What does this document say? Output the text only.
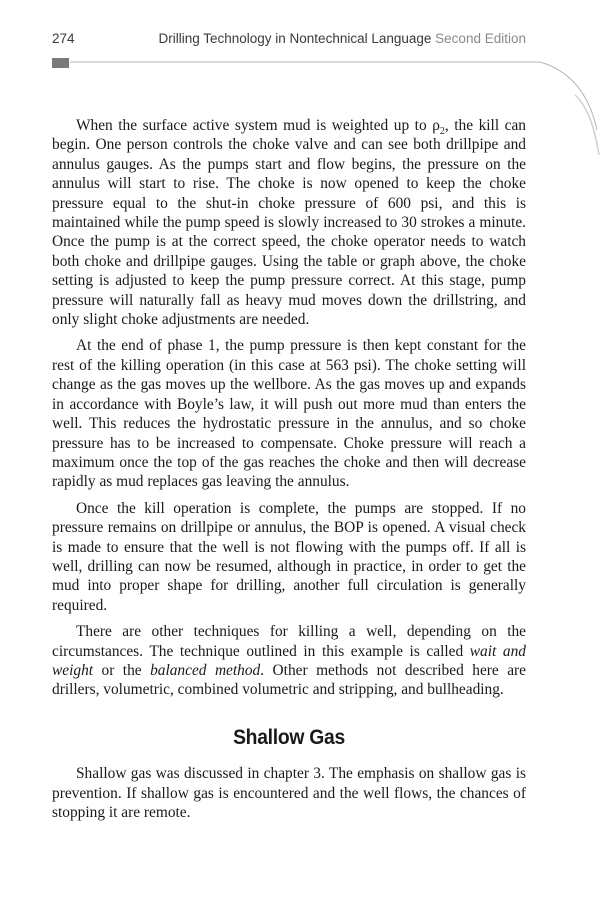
274	Drilling Technology in Nontechnical Language Second Edition

When the surface active system mud is weighted up to $\rho_2$, the kill can begin. One person controls the choke valve and can see both drillpipe and annulus gauges. As the pumps start and flow begins, the pressure on the annulus will start to rise. The choke is now opened to keep the choke pressure equal to the shut-in choke pressure of 600 psi, and this is maintained while the pump speed is slowly increased to 30 strokes a minute. Once the pump is at the correct speed, the choke operator needs to watch both choke and drillpipe gauges. Using the table or graph above, the choke setting is adjusted to keep the pump pressure correct. At this stage, pump pressure will naturally fall as heavy mud moves down the drillstring, and only slight choke adjustments are needed.

At the end of phase 1, the pump pressure is then kept constant for the rest of the killing operation (in this case at 563 psi). The choke setting will change as the gas moves up the wellbore. As the gas moves up and expands in accordance with Boyle’s law, it will push out more mud than enters the well. This reduces the hydrostatic pressure in the annulus, and so choke pressure has to be increased to compensate. Choke pressure will reach a maximum once the top of the gas reaches the choke and then will decrease rapidly as mud replaces gas leaving the annulus.

Once the kill operation is complete, the pumps are stopped. If no pressure remains on drillpipe or annulus, the BOP is opened. A visual check is made to ensure that the well is not flowing with the pumps off. If all is well, drilling can now be resumed, although in practice, in order to get the mud into proper shape for drilling, another full circulation is generally required.

There are other techniques for killing a well, depending on the circumstances. The technique outlined in this example is called wait and weight or the balanced method. Other methods not described here are drillers, volumetric, combined volumetric and stripping, and bullheading.

Shallow Gas

Shallow gas was discussed in chapter 3. The emphasis on shallow gas is prevention. If shallow gas is encountered and the well flows, the chances of stopping it are remote.
